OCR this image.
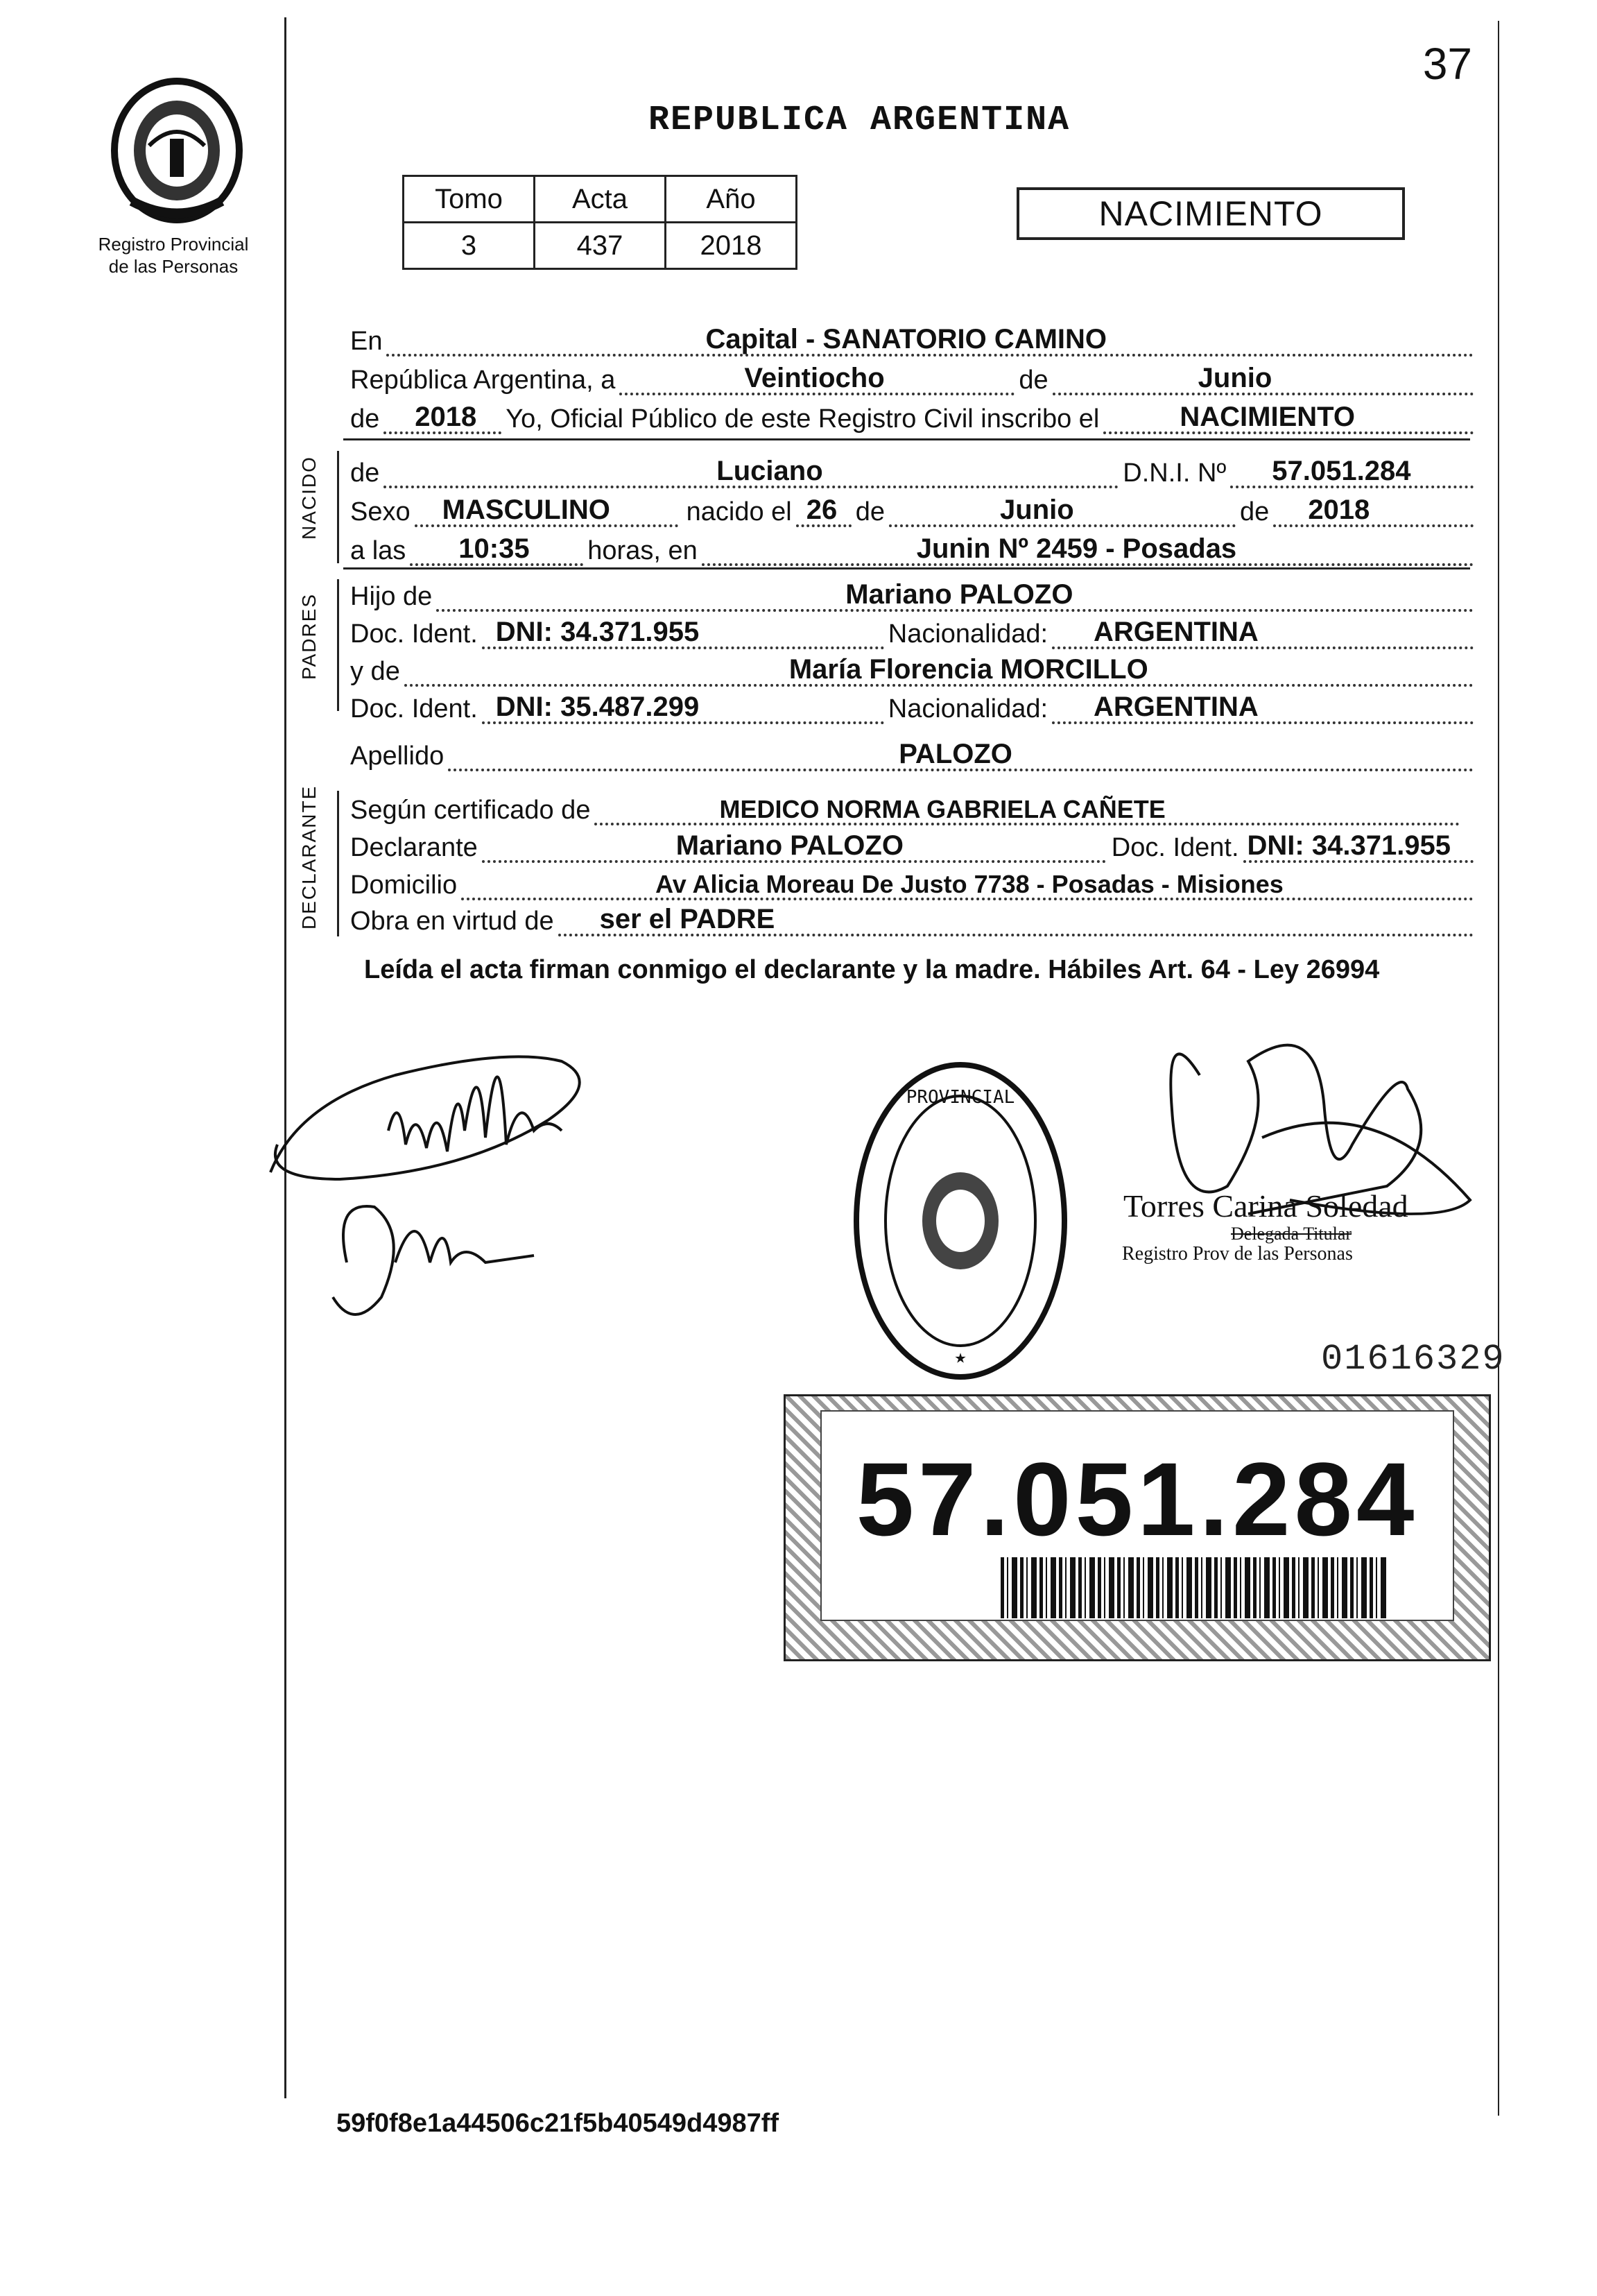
37
Registro Provincial
de las Personas
REPUBLICA ARGENTINA
Tomo	Acta	Año
3	437	2018
NACIMIENTO
En	Capital - SANATORIO CAMINO
República Argentina, a	Veintiocho	de	Junio
de 2018 Yo, Oficial Público de este Registro Civil inscribo el	NACIMIENTO
NACIDO de	Luciano	D.N.I. Nº 57.051.284
Sexo MASCULINO	nacido el 26 de	Junio	de 2018
a las 10:35 horas, en	Junin Nº 2459 - Posadas
PADRES Hijo de	Mariano PALOZO
Doc. Ident. DNI: 34.371.955	Nacionalidad: ARGENTINA
y de	María Florencia MORCILLO
Doc. Ident. DNI: 35.487.299	Nacionalidad: ARGENTINA
Apellido	PALOZO
DECLARANTE Según certificado de	MEDICO NORMA GABRIELA CAÑETE
Declarante	Mariano PALOZO	Doc. Ident. DNI: 34.371.955
Domicilio	Av Alicia Moreau De Justo 7738 - Posadas - Misiones
Obra en virtud de ser el PADRE
Leída el acta firman conmigo el declarante y la madre. Hábiles Art. 64 - Ley 26994
PROVINCIAL
★
Torres Carina Soledad
Delegada Titular
Registro Prov de las Personas
01616329
57.051.284
59f0f8e1a44506c21f5b40549d4987ff
